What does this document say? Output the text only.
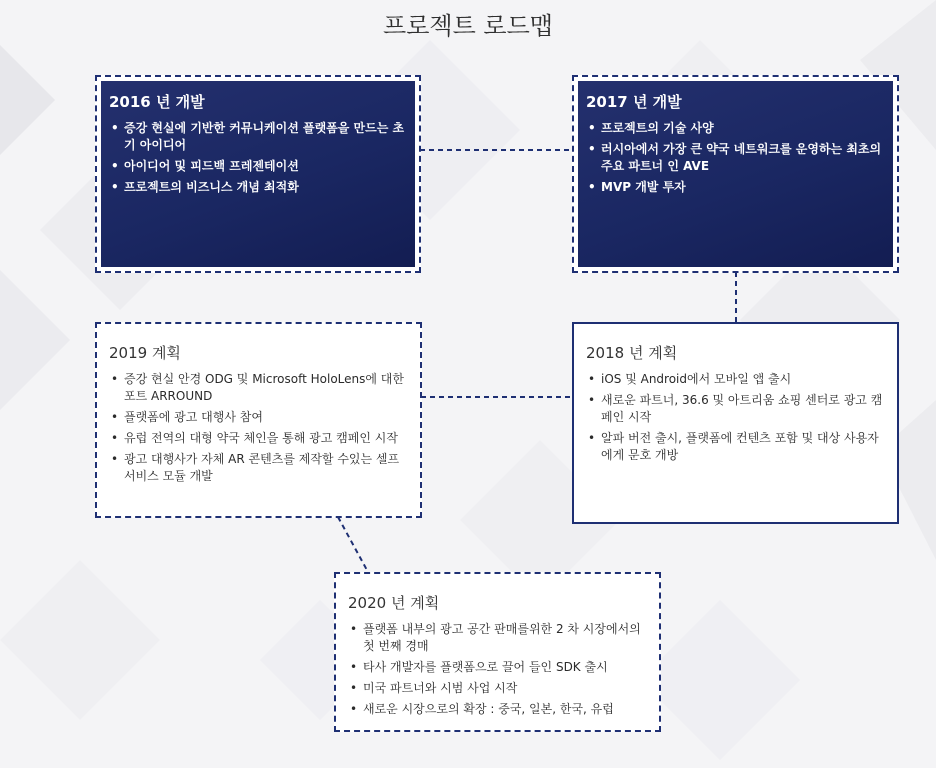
프로젝트 로드맵
2016 년 개발
• 증강 현실에 기반한 커뮤니케이션 플랫폼을 만드는 초기 아이디어
• 아이디어 및 피드백 프레젠테이션
• 프로젝트의 비즈니스 개념 최적화
2017 년 개발
• 프로젝트의 기술 사양
• 러시아에서 가장 큰 약국 네트워크를 운영하는 최초의 주요 파트너 인 AVE
• MVP 개발 투자
2019 계획
• 증강 현실 안경 ODG 및 Microsoft HoloLens에 대한 포트 ARROUND
• 플랫폼에 광고 대행사 참여
• 유럽 전역의 대형 약국 체인을 통해 광고 캠페인 시작
• 광고 대행사가 자체 AR 콘텐츠를 제작할 수있는 셀프 서비스 모듈 개발
2018 년 계획
• iOS 및 Android에서 모바일 앱 출시
• 새로운 파트너, 36.6 및 아트리움 쇼핑 센터로 광고 캠페인 시작
• 알파 버전 출시, 플랫폼에 컨텐츠 포함 및 대상 사용자에게 문호 개방
2020 년 계획
• 플랫폼 내부의 광고 공간 판매를위한 2 차 시장에서의 첫 번째 경매
• 타사 개발자를 플랫폼으로 끌어 들인 SDK 출시
• 미국 파트너와 시범 사업 시작
• 새로운 시장으로의 확장 : 중국, 일본, 한국, 유럽
